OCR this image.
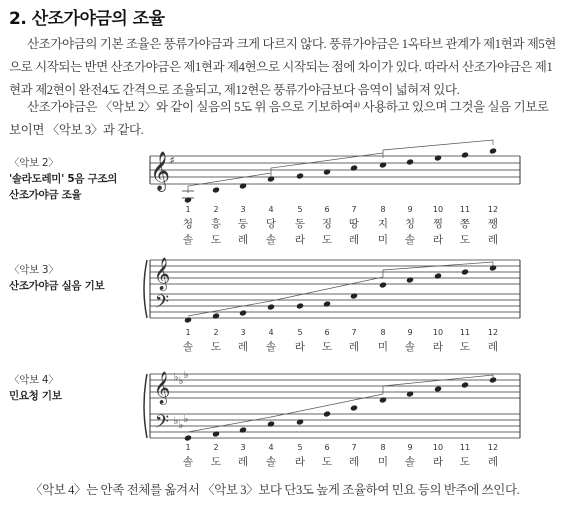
2. 산조가야금의 조율
산조가야금의 기본 조율은 풍류가야금과 크게 다르지 않다. 풍류가야금은 1옥타브 관계가 제1현과 제5현으로 시작되는 반면 산조가야금은 제1현과 제4현으로 시작되는 점에 차이가 있다. 따라서 산조가야금은 제1현과 제2현이 완전4도 간격으로 조율되고, 제12현은 풍류가야금보다 음역이 넓혀져 있다.
산조가야금은 〈악보 2〉와 같이 실음의 5도 위 음으로 기보하여⁴⁾ 사용하고 있으며 그것을 실음 기보로 보이면 〈악보 3〉과 같다.
〈악보 2〉
'솔라도레미' 5음 구조의
산조가야금 조율
〈악보 3〉
산조가야금 실음 기보
〈악보 4〉
민요청 기보
𝄞 ♯
1
청
솔
2
흥
도
3
둥
레
4
당
솔
5
동
라
6
징
도
7
땅
레
8
지
미
9
칭
솔
10
찡
라
11
쫑
도
12
쨍
레
𝄞
𝄢
1
솔
2
도
3
레
4
솔
5
라
6
도
7
레
8
미
9
솔
10
라
11
도
12
레
𝄞
𝄢
♭ ♭
♭
♭ ♭
♭
1
솔
2
도
3
레
4
솔
5
라
6
도
7
레
8
미
9
솔
10
라
11
도
12
레
〈악보 4〉는 안족 전체를 옮겨서 〈악보 3〉보다 단3도 높게 조율하여 민요 등의 반주에 쓰인다.
